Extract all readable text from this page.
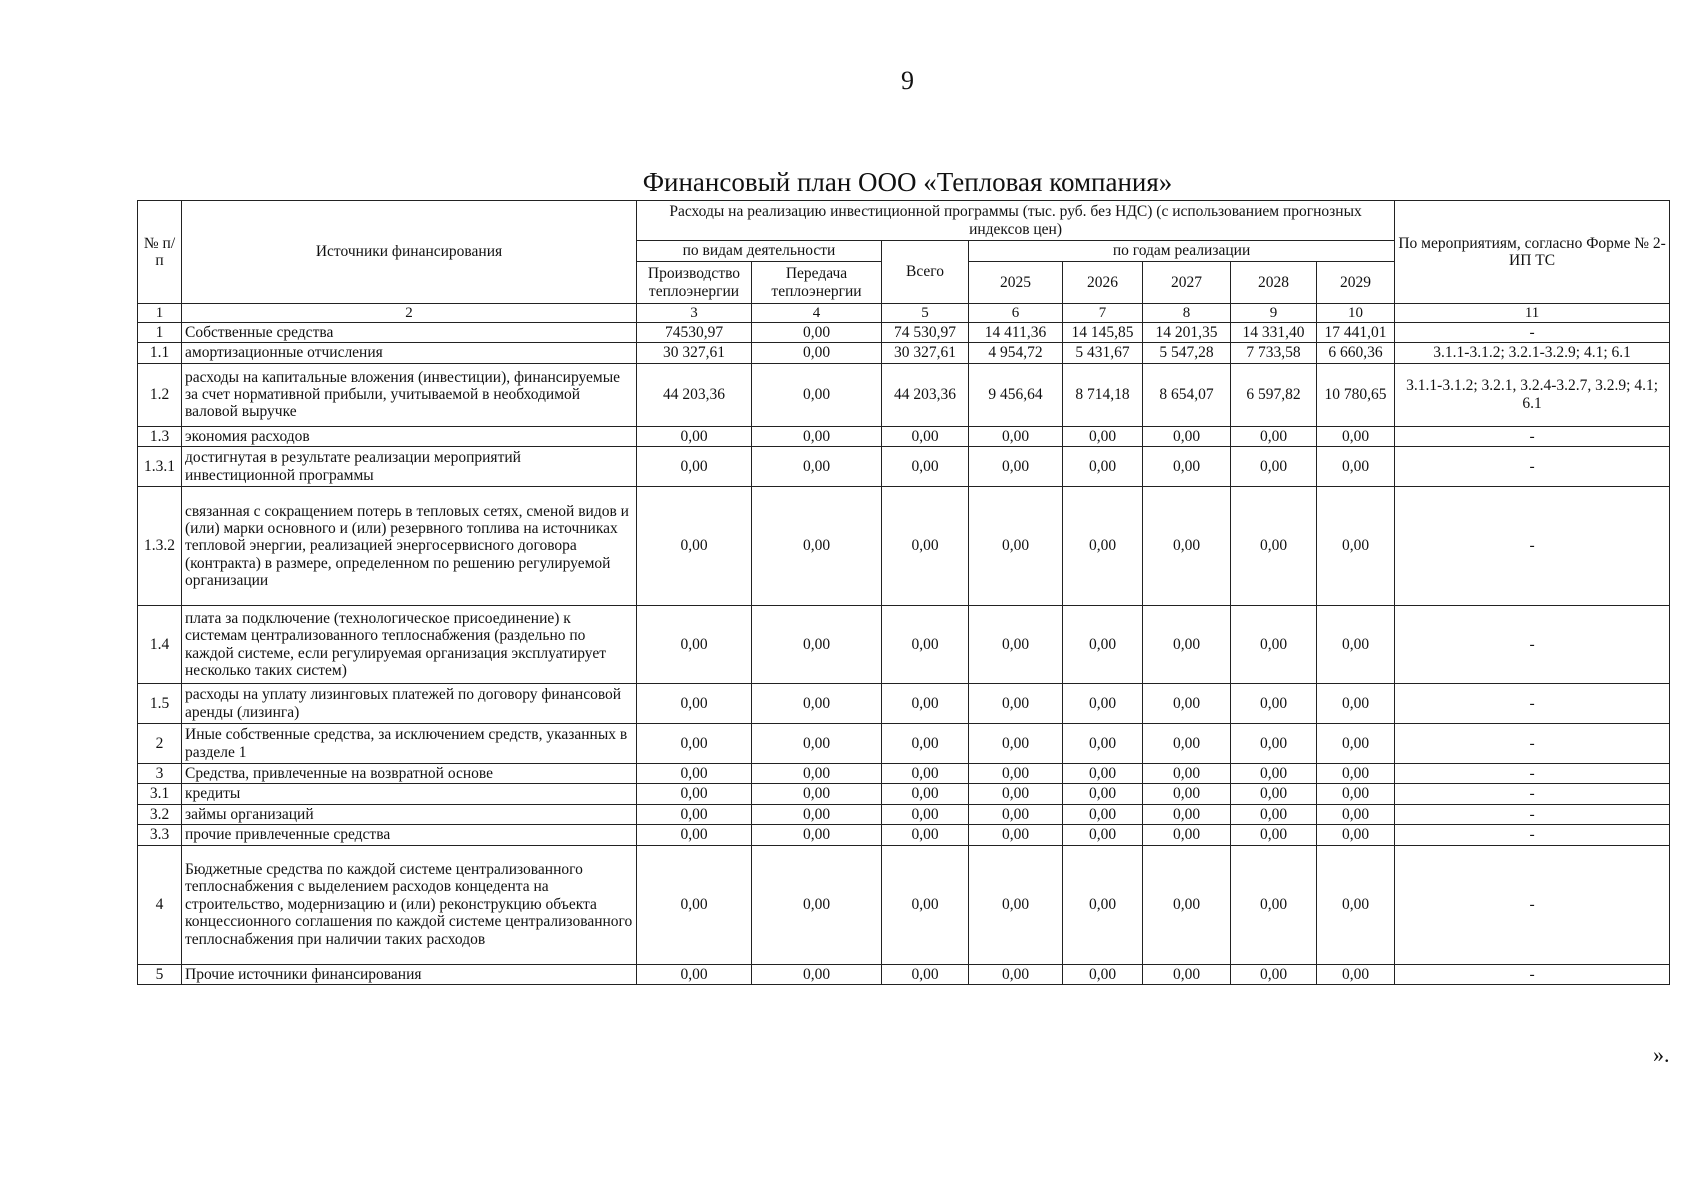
9
Финансовый план ООО «Тепловая компания»
№ п/п	Источники финансирования	Расходы на реализацию инвестиционной программы (тыс. руб. без НДС) (с использованием прогнозных индексов цен)								По мероприятиям, согласно Форме № 2-ИП ТС
		по видам деятельности		Всего	по годам реализации					
		Производство теплоэнергии	Передача теплоэнергии		2025	2026	2027	2028	2029	
1	2	3	4	5	6	7	8	9	10	11
1	Собственные средства	74530,97	0,00	74 530,97	14 411,36	14 145,85	14 201,35	14 331,40	17 441,01	-
1.1	амортизационные отчисления	30 327,61	0,00	30 327,61	4 954,72	5 431,67	5 547,28	7 733,58	6 660,36	3.1.1-3.1.2; 3.2.1-3.2.9; 4.1; 6.1
1.2	расходы на капитальные вложения (инвестиции), финансируемые за счет нормативной прибыли, учитываемой в необходимой валовой выручке	44 203,36	0,00	44 203,36	9 456,64	8 714,18	8 654,07	6 597,82	10 780,65	3.1.1-3.1.2; 3.2.1, 3.2.4-3.2.7, 3.2.9; 4.1; 6.1
1.3	экономия расходов	0,00	0,00	0,00	0,00	0,00	0,00	0,00	0,00	-
1.3.1	достигнутая в результате реализации мероприятий инвестиционной программы	0,00	0,00	0,00	0,00	0,00	0,00	0,00	0,00	-
1.3.2	связанная с сокращением потерь в тепловых сетях, сменой видов и (или) марки основного и (или) резервного топлива на источниках тепловой энергии, реализацией энергосервисного договора (контракта) в размере, определенном по решению регулируемой организации	0,00	0,00	0,00	0,00	0,00	0,00	0,00	0,00	-
1.4	плата за подключение (технологическое присоединение) к системам централизованного теплоснабжения (раздельно по каждой системе, если регулируемая организация эксплуатирует несколько таких систем)	0,00	0,00	0,00	0,00	0,00	0,00	0,00	0,00	-
1.5	расходы на уплату лизинговых платежей по договору финансовой аренды (лизинга)	0,00	0,00	0,00	0,00	0,00	0,00	0,00	0,00	-
2	Иные собственные средства, за исключением средств, указанных в разделе 1	0,00	0,00	0,00	0,00	0,00	0,00	0,00	0,00	-
3	Средства, привлеченные на возвратной основе	0,00	0,00	0,00	0,00	0,00	0,00	0,00	0,00	-
3.1	кредиты	0,00	0,00	0,00	0,00	0,00	0,00	0,00	0,00	-
3.2	займы организаций	0,00	0,00	0,00	0,00	0,00	0,00	0,00	0,00	-
3.3	прочие привлеченные средства	0,00	0,00	0,00	0,00	0,00	0,00	0,00	0,00	-
4	Бюджетные средства по каждой системе централизованного теплоснабжения с выделением расходов концедента на строительство, модернизацию и (или) реконструкцию объекта концессионного соглашения по каждой системе централизованного теплоснабжения при наличии таких расходов	0,00	0,00	0,00	0,00	0,00	0,00	0,00	0,00	-
5	Прочие источники финансирования	0,00	0,00	0,00	0,00	0,00	0,00	0,00	0,00	-
».
